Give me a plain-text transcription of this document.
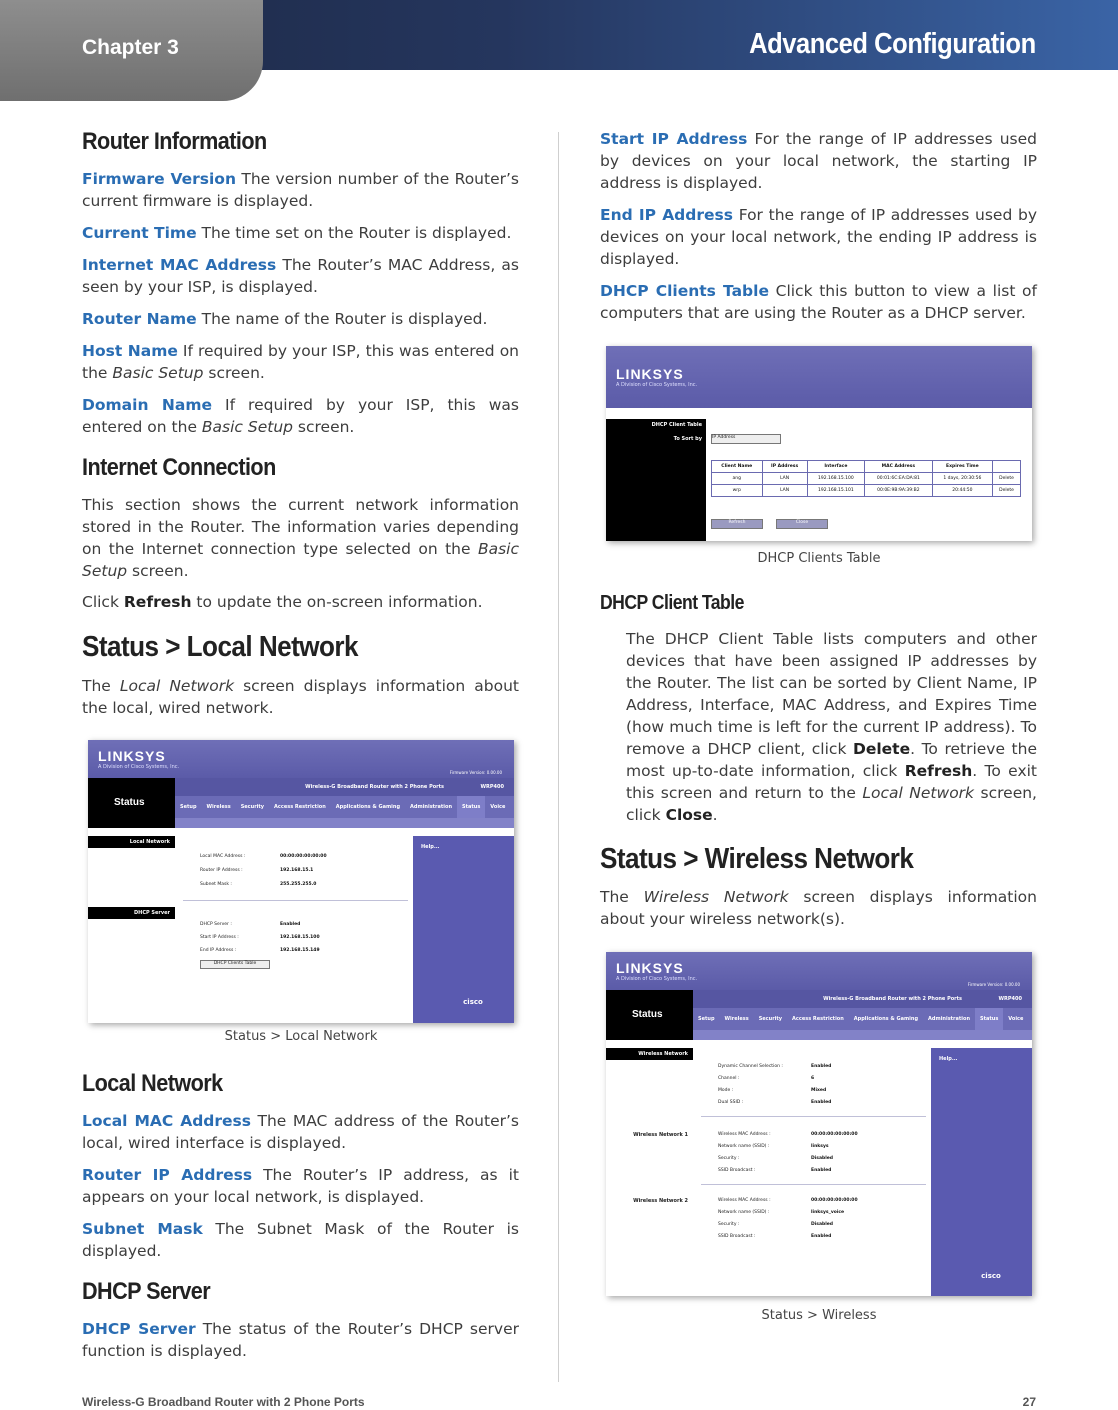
Chapter 3	Advanced Configuration
Router Information
Firmware Version The version number of the Router’s current firmware is displayed.
Current Time The time set on the Router is displayed.
Internet MAC Address The Router’s MAC Address, as seen by your ISP, is displayed.
Router Name The name of the Router is displayed.
Host Name If required by your ISP, this was entered on the Basic Setup screen.
Domain Name If required by your ISP, this was entered on the Basic Setup screen.
Internet Connection
This section shows the current network information stored in the Router. The information varies depending on the Internet connection type selected on the Basic Setup screen.
Click Refresh to update the on-screen information.
Status > Local Network
The Local Network screen displays information about the local, wired network.
LINKSYS
A Division of Cisco Systems, Inc.
Firmware Version: 0.00.00
Status
Wireless-G Broadband Router with 2 Phone Ports	WRP400
Setup	Wireless	Security	Access Restriction	Applications & Gaming	Administration	Status	Voice
Local Network
DHCP Server
Help...
Local MAC Address :	00:00:00:00:00:00
Router IP Address :	192.168.15.1
Subnet Mask :	255.255.255.0
DHCP Server :	Enabled
Start IP Address :	192.168.15.100
End IP Address :	192.168.15.149
DHCP Clients Table
cisco
Status > Local Network
Local Network
Local MAC Address The MAC address of the Router’s local, wired interface is displayed.
Router IP Address The Router’s IP address, as it appears on your local network, is displayed.
Subnet Mask The Subnet Mask of the Router is displayed.
DHCP Server
DHCP Server The status of the Router’s DHCP server function is displayed.
Start IP Address For the range of IP addresses used by devices on your local network, the starting IP address is displayed.
End IP Address For the range of IP addresses used by devices on your local network, the ending IP address is displayed.
DHCP Clients Table Click this button to view a list of computers that are using the Router as a DHCP server.
LINKSYS
A Division of Cisco Systems, Inc.
DHCP Client Table
To Sort by IP Address
Client Name	IP Address	Interface	MAC Address	Expires Time	
ang	LAN	192.168.15.100	00:01:6C:EA:DA:81	1 days, 20:30:56	Delete
wrp	LAN	192.168.15.101	00:0E:9B:9A:39:B2	20:44:50	Delete
Refresh	Close
DHCP Clients Table
DHCP Client Table
The DHCP Client Table lists computers and other devices that have been assigned IP addresses by the Router. The list can be sorted by Client Name, IP Address, Interface, MAC Address, and Expires Time (how much time is left for the current IP address). To remove a DHCP client, click Delete. To retrieve the most up-to-date information, click Refresh. To exit this screen and return to the Local Network screen, click Close.
Status > Wireless Network
The Wireless Network screen displays information about your wireless network(s).
LINKSYS
A Division of Cisco Systems, Inc.
Firmware Version: 0.00.00
Status
Wireless-G Broadband Router with 2 Phone Ports	WRP400
Setup	Wireless	Security	Access Restriction	Applications & Gaming	Administration	Status	Voice
Wireless Network
Wireless Network 1
Wireless Network 2
Help...
Dynamic Channel Selection :	Enabled
Channel :	6
Mode :	Mixed
Dual SSID :	Enabled
Wireless MAC Address :	00:00:00:00:00:00
Network name (SSID) :	linksys
Security :	Disabled
SSID Broadcast :	Enabled
Wireless MAC Address :	00:00:00:00:00:00
Network name (SSID) :	linksys_voice
Security :	Disabled
SSID Broadcast :	Enabled
cisco
Status > Wireless
Wireless-G Broadband Router with 2 Phone Ports	27
